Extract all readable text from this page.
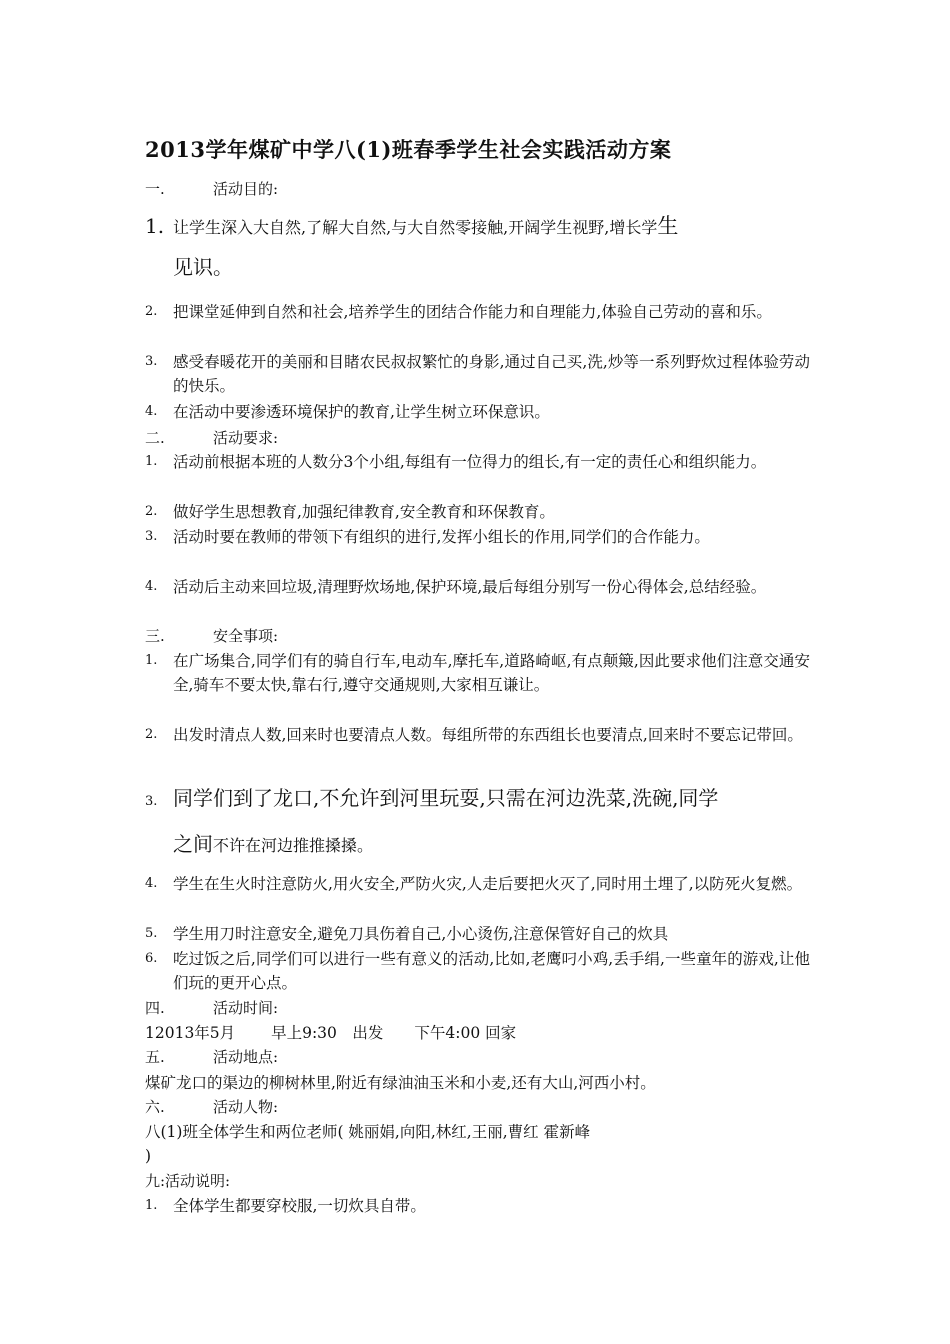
2013学年煤矿中学八(1)班春季学生社会实践活动方案
一.	活动目的:
1. 让学生深入大自然,了解大自然,与大自然零接触,开阔学生视野,增长学生
见识。
2.	把课堂延伸到自然和社会,培养学生的团结合作能力和自理能力,体验自己劳动的喜和乐。
3.	感受春暖花开的美丽和目睹农民叔叔繁忙的身影,通过自己买,洗,炒等一系列野炊过程体验劳动的快乐。
4.	在活动中要渗透环境保护的教育,让学生树立环保意识。
二.	活动要求:
1.	活动前根据本班的人数分3个小组,每组有一位得力的组长,有一定的责任心和组织能力。
2.	做好学生思想教育,加强纪律教育,安全教育和环保教育。
3.	活动时要在教师的带领下有组织的进行,发挥小组长的作用,同学们的合作能力。
4.	活动后主动来回垃圾,清理野炊场地,保护环境,最后每组分别写一份心得体会,总结经验。
三.	安全事项:
1.	在广场集合,同学们有的骑自行车,电动车,摩托车,道路崎岖,有点颠簸,因此要求他们注意交通安全,骑车不要太快,靠右行,遵守交通规则,大家相互谦让。
2.	出发时清点人数,回来时也要清点人数。每组所带的东西组长也要清点,回来时不要忘记带回。
3. 同学们到了龙口,不允许到河里玩耍,只需在河边洗菜,洗碗,同学
之间不许在河边推推搡搡。
4.	学生在生火时注意防火,用火安全,严防火灾,人走后要把火灭了,同时用土埋了,以防死火复燃。
5.	学生用刀时注意安全,避免刀具伤着自己,小心烫伤,注意保管好自己的炊具
6.	吃过饭之后,同学们可以进行一些有意义的活动,比如,老鹰叼小鸡,丢手绢,一些童年的游戏,让他们玩的更开心点。
四.	活动时间:
12013年5月　　 早上9:30　出发　　下午4:00 回家
五.	活动地点:
煤矿龙口的渠边的柳树林里,附近有绿油油玉米和小麦,还有大山,河西小村。
六.	活动人物:
八(1)班全体学生和两位老师( 姚丽娟,向阳,林红,王丽,曹红 霍新峰
)
九:活动说明:
1.	全体学生都要穿校服,一切炊具自带。
